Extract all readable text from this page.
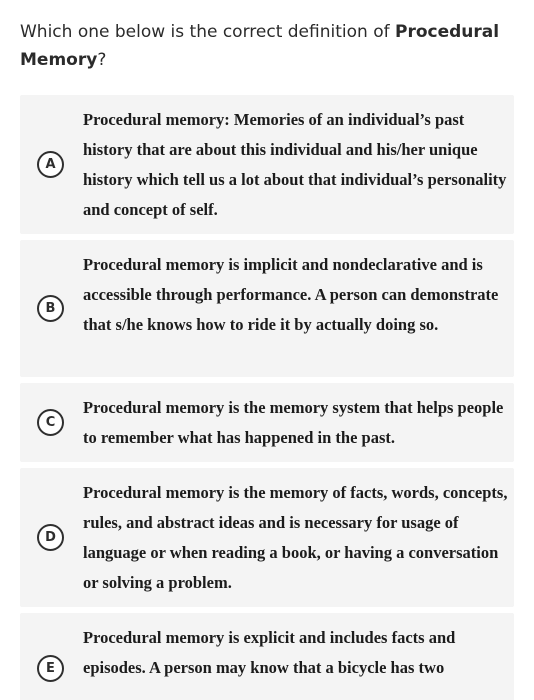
Which one below is the correct definition of Procedural Memory?
A
Procedural memory: Memories of an individual’s past history that are about this individual and his/her unique history which tell us a lot about that individual’s personality and concept of self.
B
Procedural memory is implicit and nondeclarative and is accessible through performance. A person can demonstrate that s/he knows how to ride it by actually doing so.
C
Procedural memory is the memory system that helps people to remember what has happened in the past.
D
Procedural memory is the memory of facts, words, concepts, rules, and abstract ideas and is necessary for usage of language or when reading a book, or having a conversation or solving a problem.
E
Procedural memory is explicit and includes facts and episodes. A person may know that a bicycle has two
